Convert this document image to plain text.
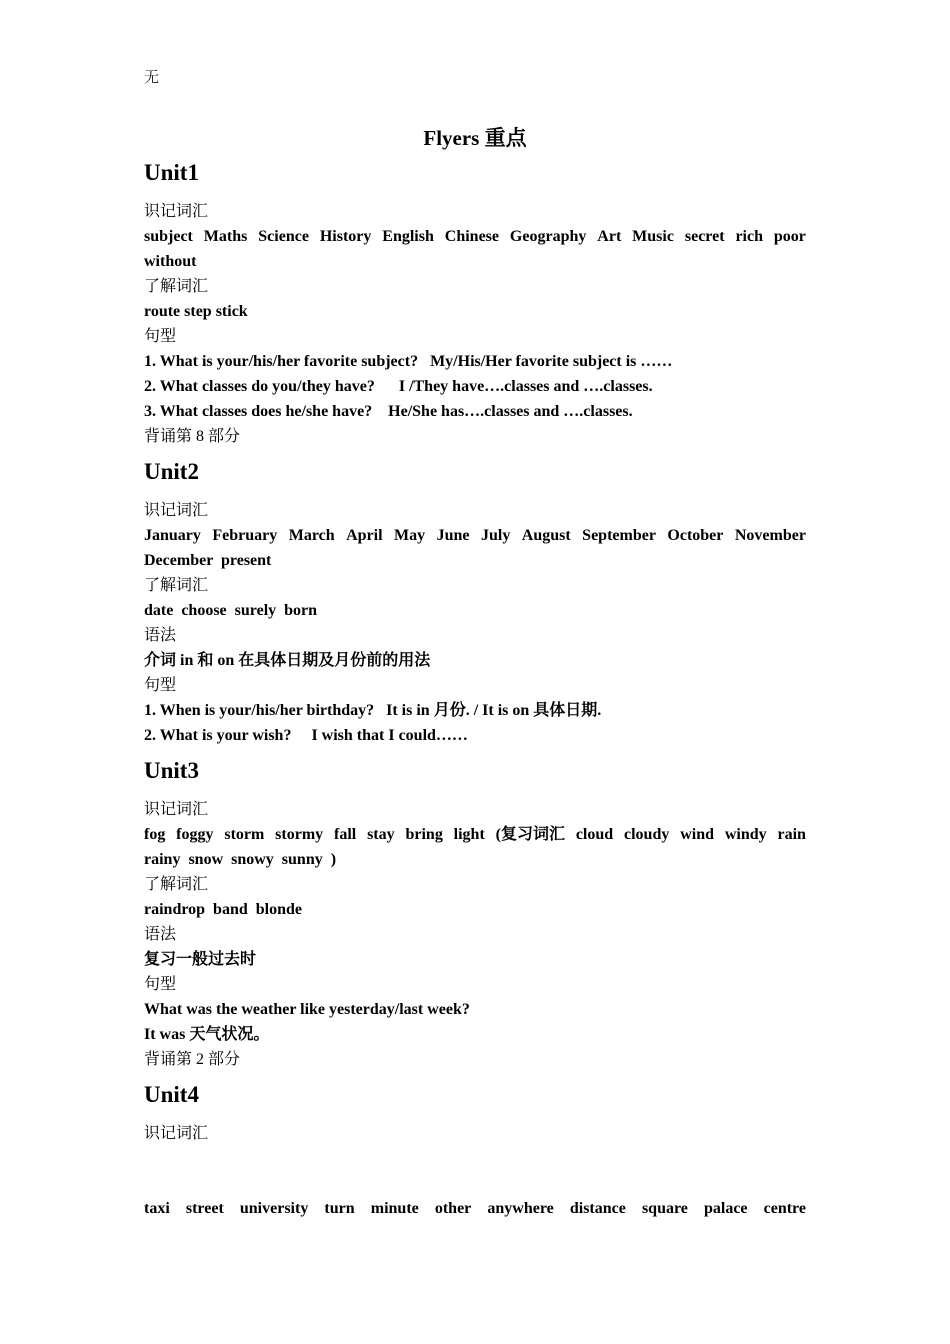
无
Flyers 重点
Unit1
识记词汇
subject Maths Science History English Chinese Geography Art Music secret rich poor
without
了解词汇
route step stick
句型
1. What is your/his/her favorite subject?   My/His/Her favorite subject is ……
2. What classes do you/they have?      I /They have….classes and ….classes.
3. What classes does he/she have?    He/She has….classes and ….classes.
背诵第 8 部分
Unit2
识记词汇
January February March April May June July August September October November
December present
了解词汇
date choose surely born
语法
介词 in 和 on 在具体日期及月份前的用法
句型
1. When is your/his/her birthday?   It is in 月份. / It is on 具体日期.
2. What is your wish?     I wish that I could……
Unit3
识记词汇
fog foggy storm stormy fall stay bring light (复习词汇 cloud cloudy wind windy rain
rainy snow snowy sunny )
了解词汇
raindrop band blonde
语法
复习一般过去时
句型
What was the weather like yesterday/last week?
It was 天气状况。
背诵第 2 部分
Unit4
识记词汇
taxi street university turn minute other anywhere distance square palace centre
